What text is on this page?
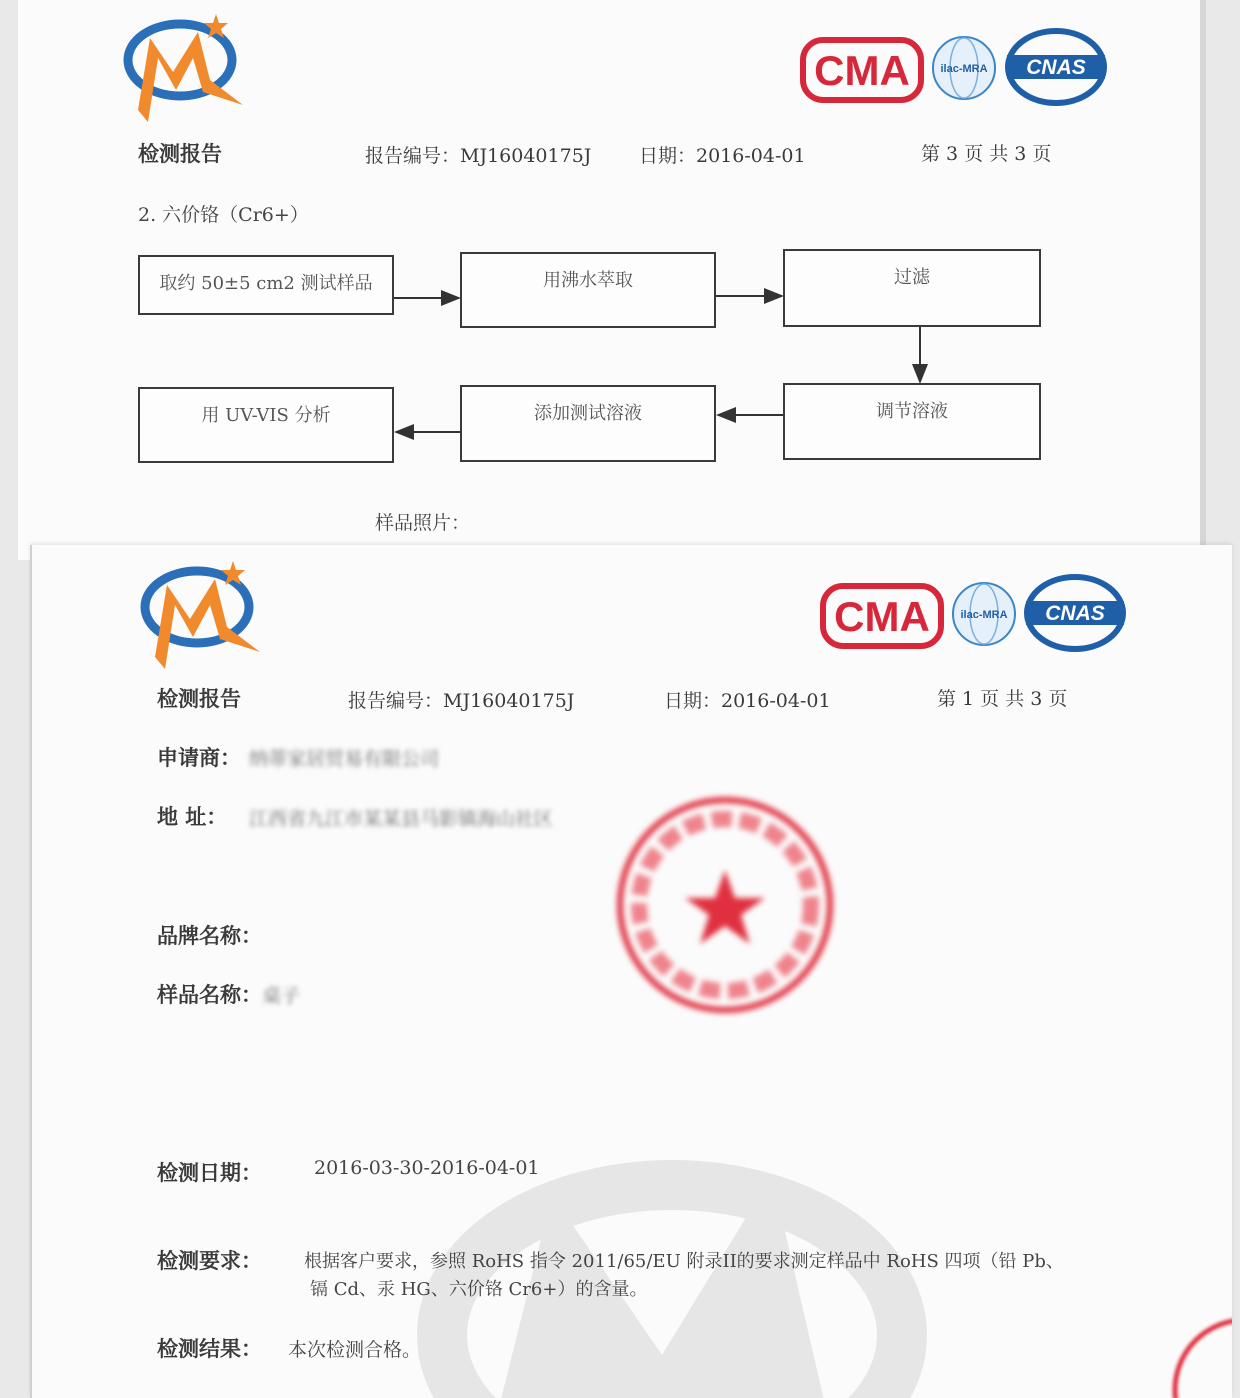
CMA	ilac-MRA CNAS
检测报告	报告编号：MJ16040175J	日期：2016-04-01	第 3 页 共 3 页
2. 六价铬（Cr6+）
取约 50±5 cm2 测试样品	用沸水萃取	过滤
调节溶液
添加测试溶液
用 UV-VIS 分析
样品照片：
CMA	ilac-MRA CNAS
检测报告	报告编号：MJ16040175J	日期：2016-04-01	第 1 页 共 3 页
申请商： 纳蒂家居贸易有限公司
地 址： 江西省九江市某某县马影镇海山社区
品牌名称：
样品名称： 桌子
检测日期：	2016-03-30-2016-04-01
检测要求： 根据客户要求，参照 RoHS 指令 2011/65/EU 附录II的要求测定样品中 RoHS 四项（铅 Pb、
镉 Cd、汞 HG、六价铬 Cr6+）的含量。
检测结果： 本次检测合格。
